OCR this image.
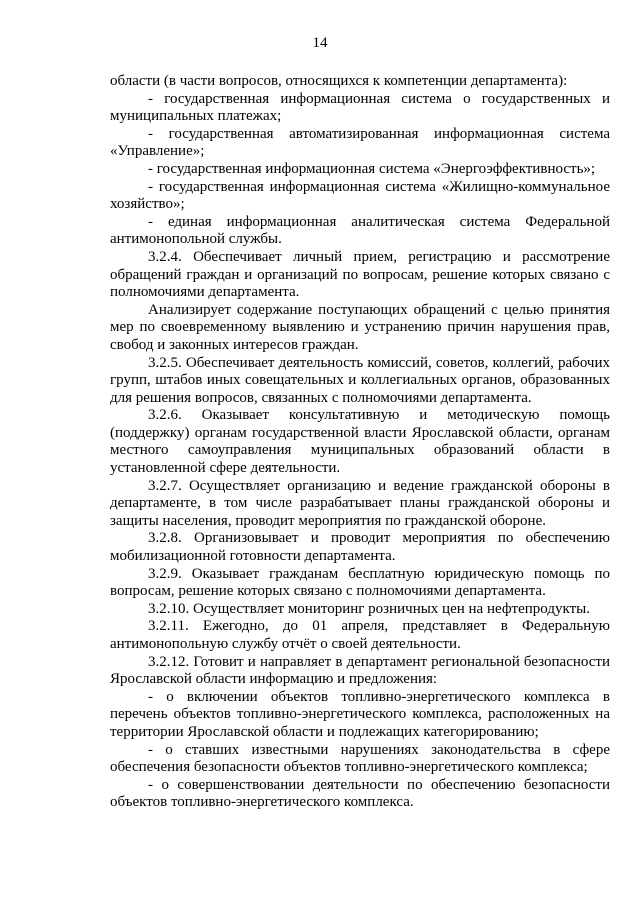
14

области (в части вопросов, относящихся к компетенции департамента):

- государственная информационная система о государственных и муниципальных платежах;

- государственная автоматизированная информационная система «Управление»;

- государственная информационная система «Энергоэффективность»;

- государственная информационная система «Жилищно-коммунальное хозяйство»;

- единая информационная аналитическая система Федеральной антимонопольной службы.

3.2.4. Обеспечивает личный прием, регистрацию и рассмотрение обращений граждан и организаций по вопросам, решение которых связано с полномочиями департамента.

Анализирует содержание поступающих обращений с целью принятия мер по своевременному выявлению и устранению причин нарушения прав, свобод и законных интересов граждан.

3.2.5. Обеспечивает деятельность комиссий, советов, коллегий, рабочих групп, штабов иных совещательных и коллегиальных органов, образованных для решения вопросов, связанных с полномочиями департамента.

3.2.6. Оказывает консультативную и методическую помощь (поддержку) органам государственной власти Ярославской области, органам местного самоуправления муниципальных образований области в установленной сфере деятельности.

3.2.7. Осуществляет организацию и ведение гражданской обороны в департаменте, в том числе разрабатывает планы гражданской обороны и защиты населения, проводит мероприятия по гражданской обороне.

3.2.8. Организовывает и проводит мероприятия по обеспечению мобилизационной готовности департамента.

3.2.9. Оказывает гражданам бесплатную юридическую помощь по вопросам, решение которых связано с полномочиями департамента.

3.2.10. Осуществляет мониторинг розничных цен на нефтепродукты.

3.2.11. Ежегодно, до 01 апреля, представляет в Федеральную антимонопольную службу отчёт о своей деятельности.

3.2.12. Готовит и направляет в департамент региональной безопасности Ярославской области информацию и предложения:

- о включении объектов топливно-энергетического комплекса в перечень объектов топливно-энергетического комплекса, расположенных на территории Ярославской области и подлежащих категорированию;

- о ставших известными нарушениях законодательства в сфере обеспечения безопасности объектов топливно-энергетического комплекса;

- о совершенствовании деятельности по обеспечению безопасности объектов топливно-энергетического комплекса.
